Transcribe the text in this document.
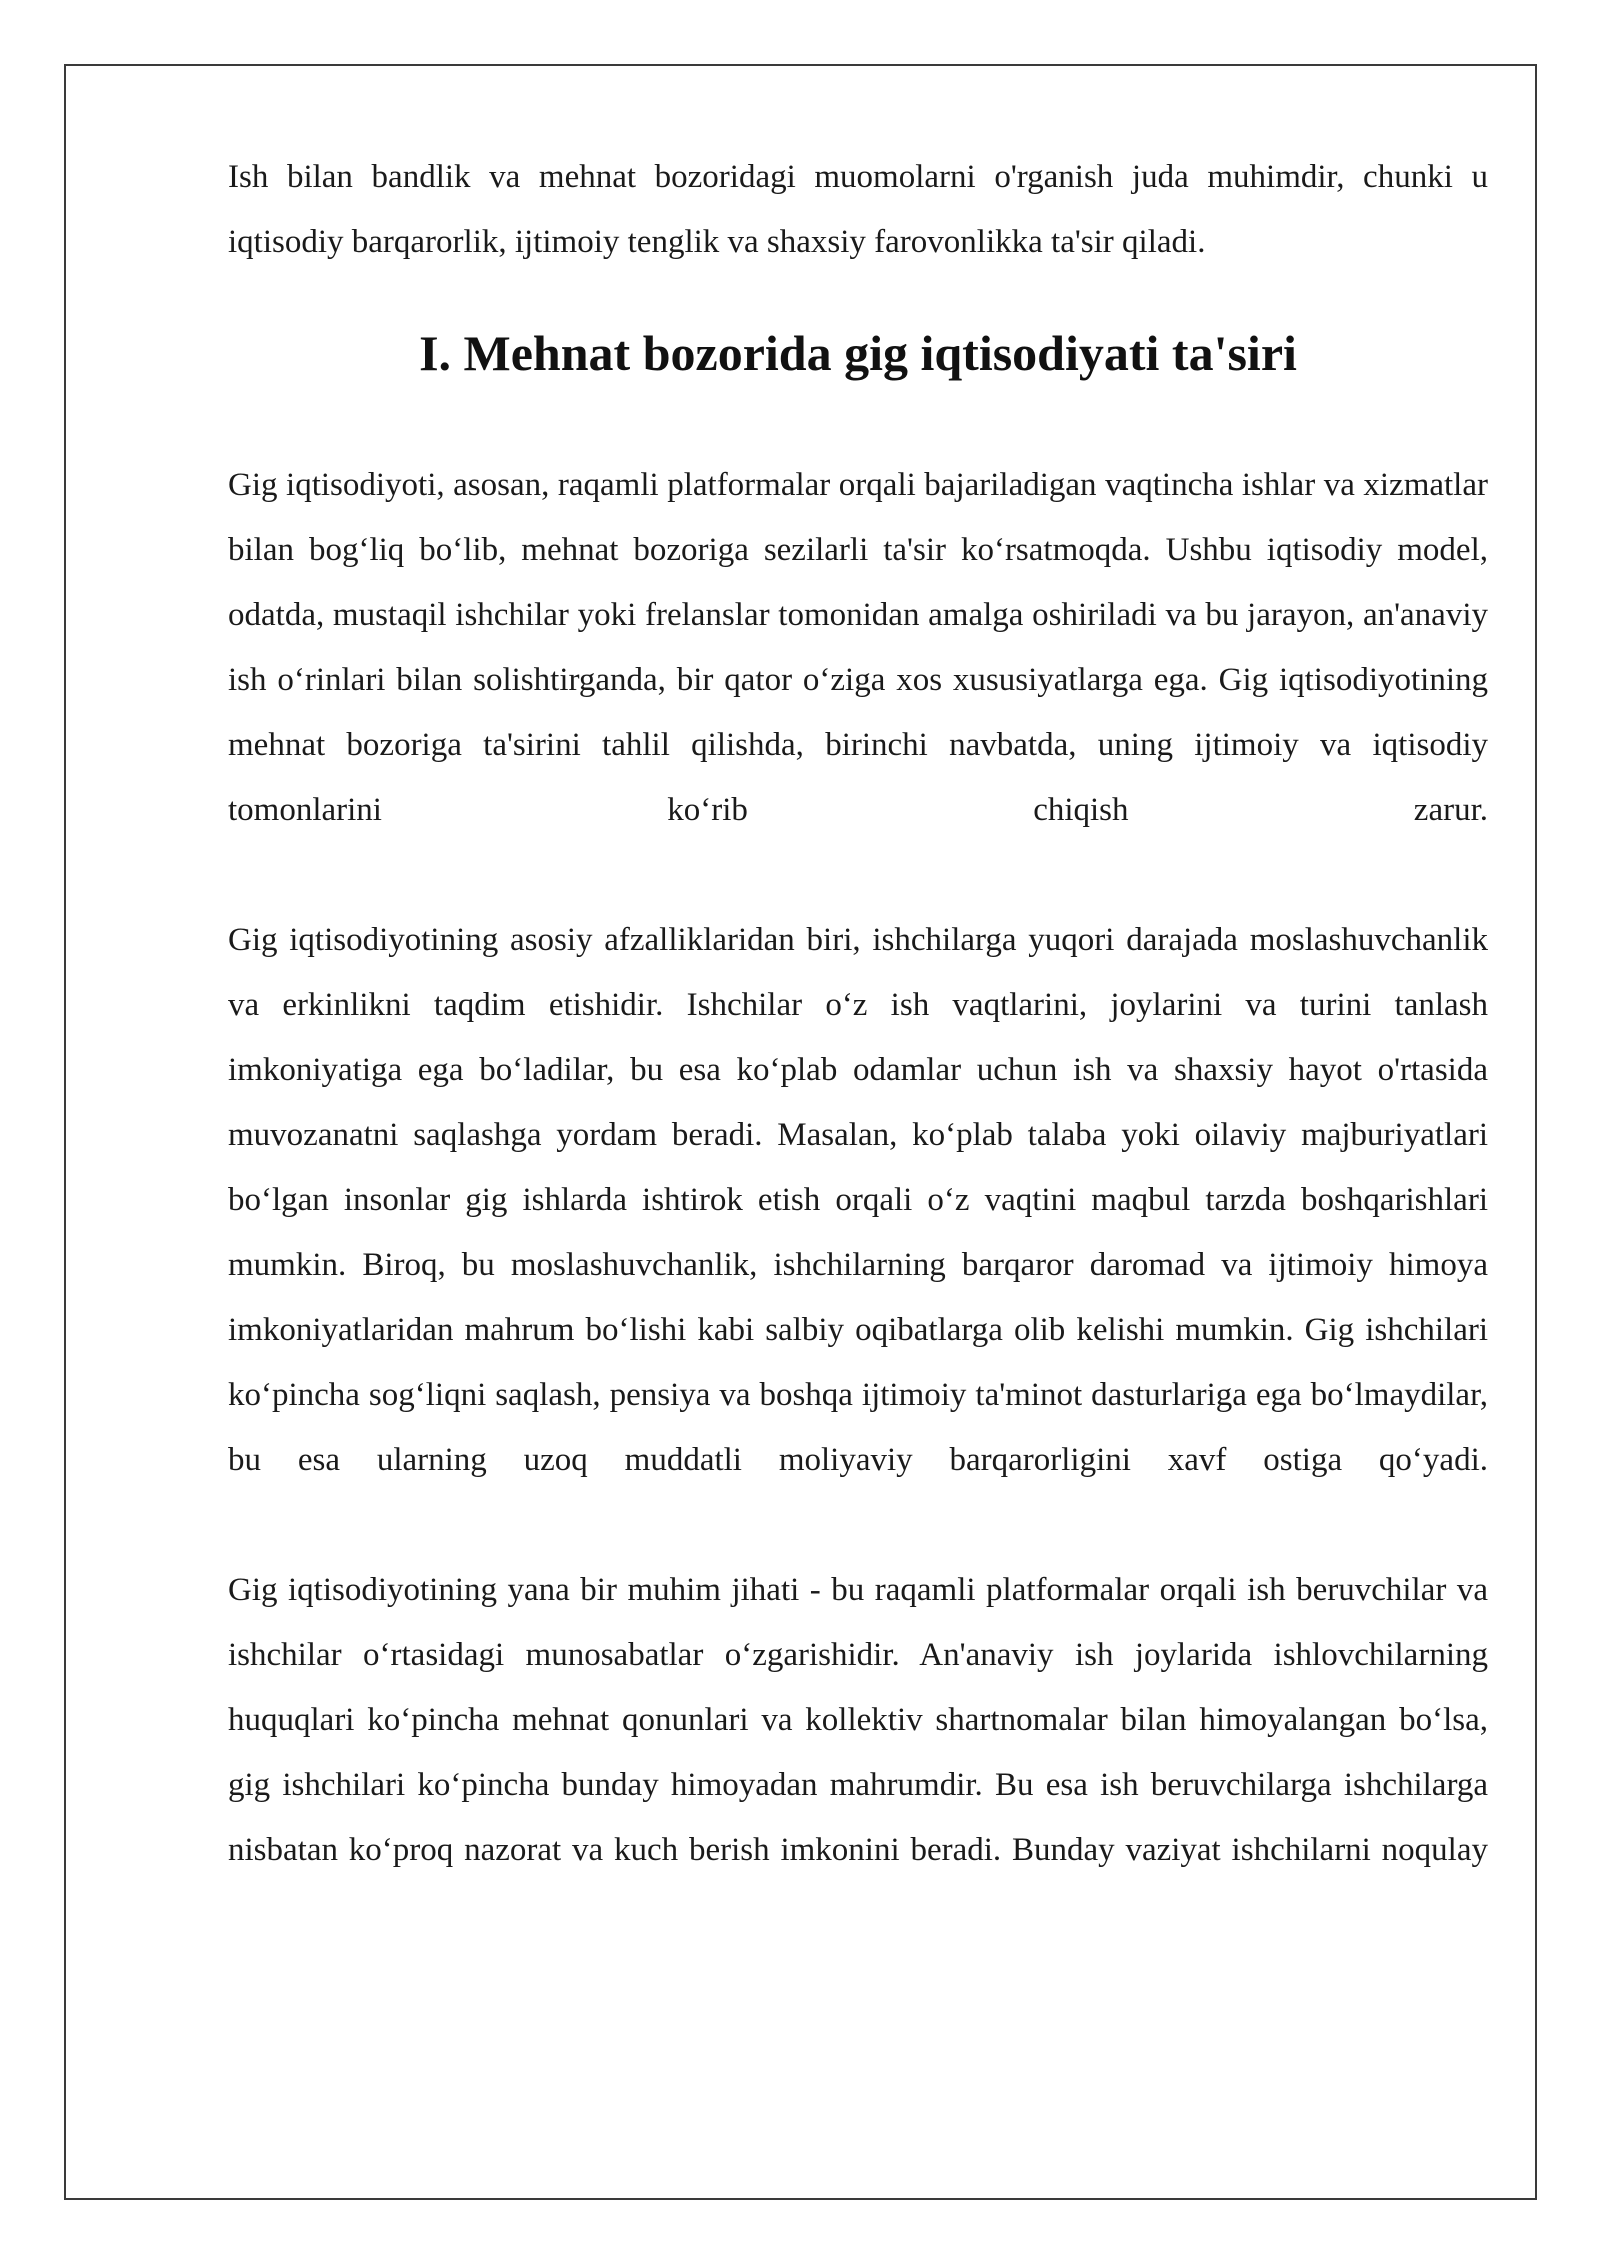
Ish bilan bandlik va mehnat bozoridagi muomolarni o'rganish juda muhimdir, chunki u iqtisodiy barqarorlik, ijtimoiy tenglik va shaxsiy farovonlikka ta'sir qiladi.

I. Mehnat bozorida gig iqtisodiyati ta'siri

Gig iqtisodiyoti, asosan, raqamli platformalar orqali bajariladigan vaqtincha ishlar va xizmatlar bilan bog‘liq bo‘lib, mehnat bozoriga sezilarli ta'sir ko‘rsatmoqda. Ushbu iqtisodiy model, odatda, mustaqil ishchilar yoki frelanslar tomonidan amalga oshiriladi va bu jarayon, an'anaviy ish o‘rinlari bilan solishtirganda, bir qator o‘ziga xos xususiyatlarga ega. Gig iqtisodiyotining mehnat bozoriga ta'sirini tahlil qilishda, birinchi navbatda, uning ijtimoiy va iqtisodiy tomonlarini ko‘rib chiqish zarur.

Gig iqtisodiyotining asosiy afzalliklaridan biri, ishchilarga yuqori darajada moslashuvchanlik va erkinlikni taqdim etishidir. Ishchilar o‘z ish vaqtlarini, joylarini va turini tanlash imkoniyatiga ega bo‘ladilar, bu esa ko‘plab odamlar uchun ish va shaxsiy hayot o'rtasida muvozanatni saqlashga yordam beradi. Masalan, ko‘plab talaba yoki oilaviy majburiyatlari bo‘lgan insonlar gig ishlarda ishtirok etish orqali o‘z vaqtini maqbul tarzda boshqarishlari mumkin. Biroq, bu moslashuvchanlik, ishchilarning barqaror daromad va ijtimoiy himoya imkoniyatlaridan mahrum bo‘lishi kabi salbiy oqibatlarga olib kelishi mumkin. Gig ishchilari ko‘pincha sog‘liqni saqlash, pensiya va boshqa ijtimoiy ta'minot dasturlariga ega bo‘lmaydilar, bu esa ularning uzoq muddatli moliyaviy barqarorligini xavf ostiga qo‘yadi.

Gig iqtisodiyotining yana bir muhim jihati - bu raqamli platformalar orqali ish beruvchilar va ishchilar o‘rtasidagi munosabatlar o‘zgarishidir. An'anaviy ish joylarida ishlovchilarning huquqlari ko‘pincha mehnat qonunlari va kollektiv shartnomalar bilan himoyalangan bo‘lsa, gig ishchilari ko‘pincha bunday himoyadan mahrumdir. Bu esa ish beruvchilarga ishchilarga nisbatan ko‘proq nazorat va kuch berish imkonini beradi. Bunday vaziyat ishchilarni noqulay
